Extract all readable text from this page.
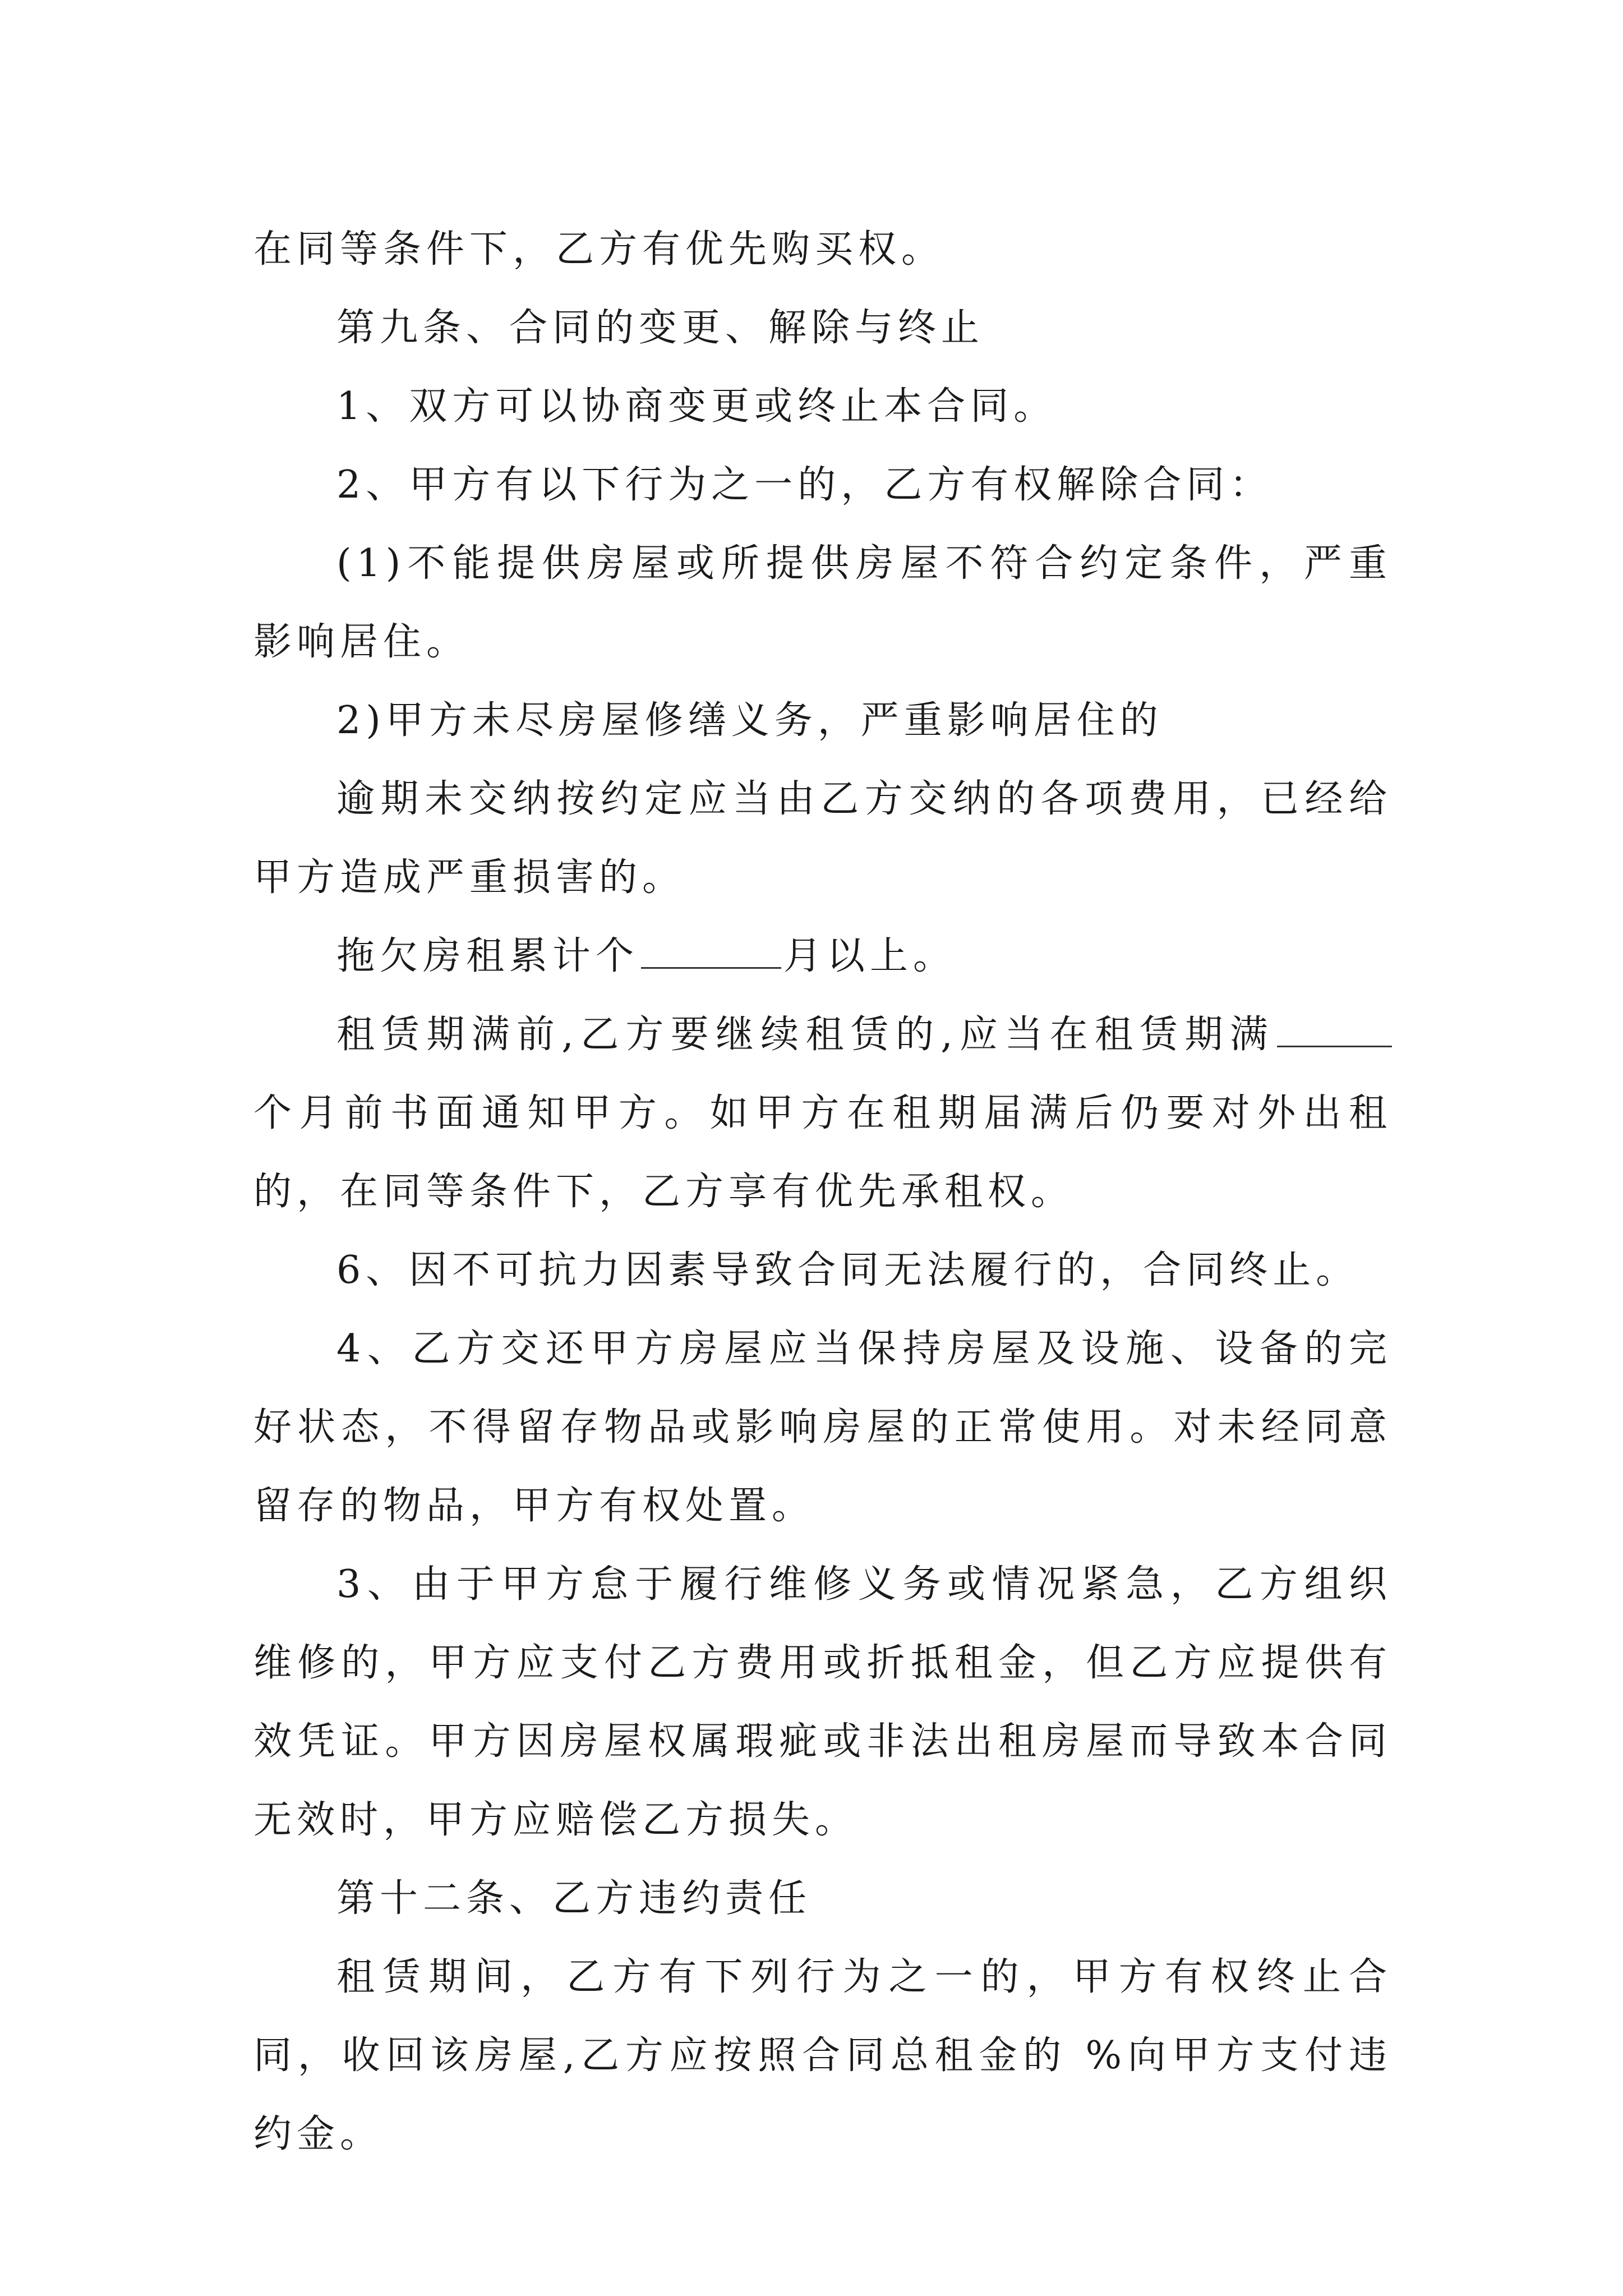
在同等条件下，乙方有优先购买权。

第九条、合同的变更、解除与终止

1、双方可以协商变更或终止本合同。

2、甲方有以下行为之一的，乙方有权解除合同：

(1)不能提供房屋或所提供房屋不符合约定条件，严重影响居住。

2)甲方未尽房屋修缮义务，严重影响居住的

逾期未交纳按约定应当由乙方交纳的各项费用，已经给甲方造成严重损害的。

拖欠房租累计个	月以上。

租赁期满前,乙方要继续租赁的,应当在租赁期满个月前书面通知甲方。如甲方在租期届满后仍要对外出租的，在同等条件下，乙方享有优先承租权。

6、因不可抗力因素导致合同无法履行的，合同终止。

4、乙方交还甲方房屋应当保持房屋及设施、设备的完好状态，不得留存物品或影响房屋的正常使用。对未经同意留存的物品，甲方有权处置。

3、由于甲方怠于履行维修义务或情况紧急，乙方组织维修的，甲方应支付乙方费用或折抵租金，但乙方应提供有效凭证。甲方因房屋权属瑕疵或非法出租房屋而导致本合同无效时，甲方应赔偿乙方损失。

第十二条、乙方违约责任

租赁期间，乙方有下列行为之一的，甲方有权终止合同，收回该房屋,乙方应按照合同总租金的 %向甲方支付违约金。
